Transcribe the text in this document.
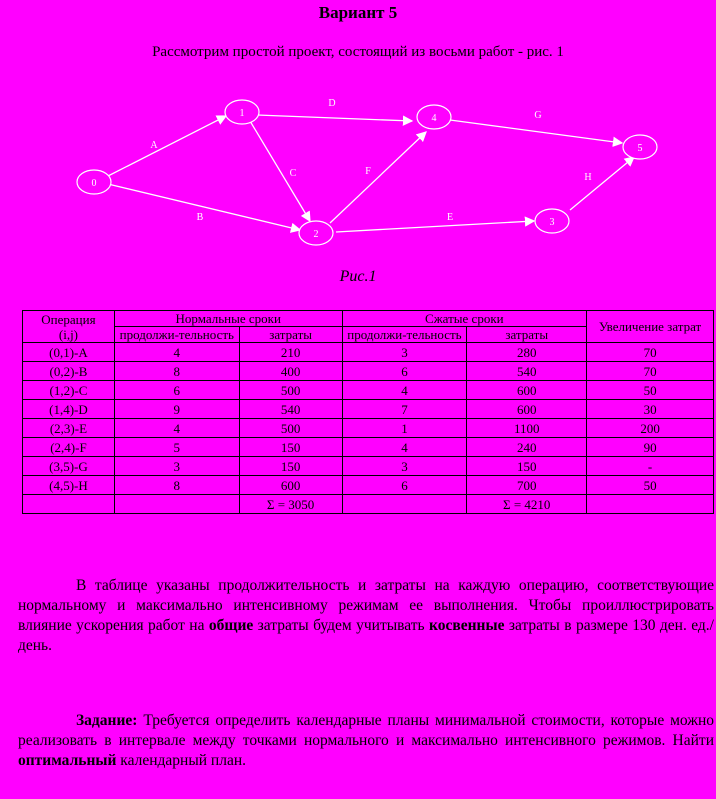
Вариант 5
Рассмотрим простой проект, состоящий из восьми работ - рис. 1
0
1
2
4
3
5
A
B
C
D
E
F
G
H
Рис.1
Операция
(i,j)	Нормальные сроки		Сжатые сроки		Увеличение затрат
	продолжи-тельность	затраты	продолжи-тельность	затраты	
(0,1)-A	4	210	3	280	70
(0,2)-B	8	400	6	540	70
(1,2)-C	6	500	4	600	50
(1,4)-D	9	540	7	600	30
(2,3)-E	4	500	1	1100	200
(2,4)-F	5	150	4	240	90
(3,5)-G	3	150	3	150	-
(4,5)-H	8	600	6	700	50
		Σ = 3050		Σ = 4210	
В таблице указаны продолжительность и затраты на каждую операцию, соответствующие нормальному и максимально интенсивному режимам ее выполнения. Чтобы проиллюстрировать влияние ускорения работ на общие затраты будем учитывать косвенные затраты в размере 130 ден. ед./день.
Задание: Требуется определить календарные планы минимальной стоимости, которые можно реализовать в интервале между точками нормального и максимально интенсивного режимов. Найти оптимальный календарный план.
